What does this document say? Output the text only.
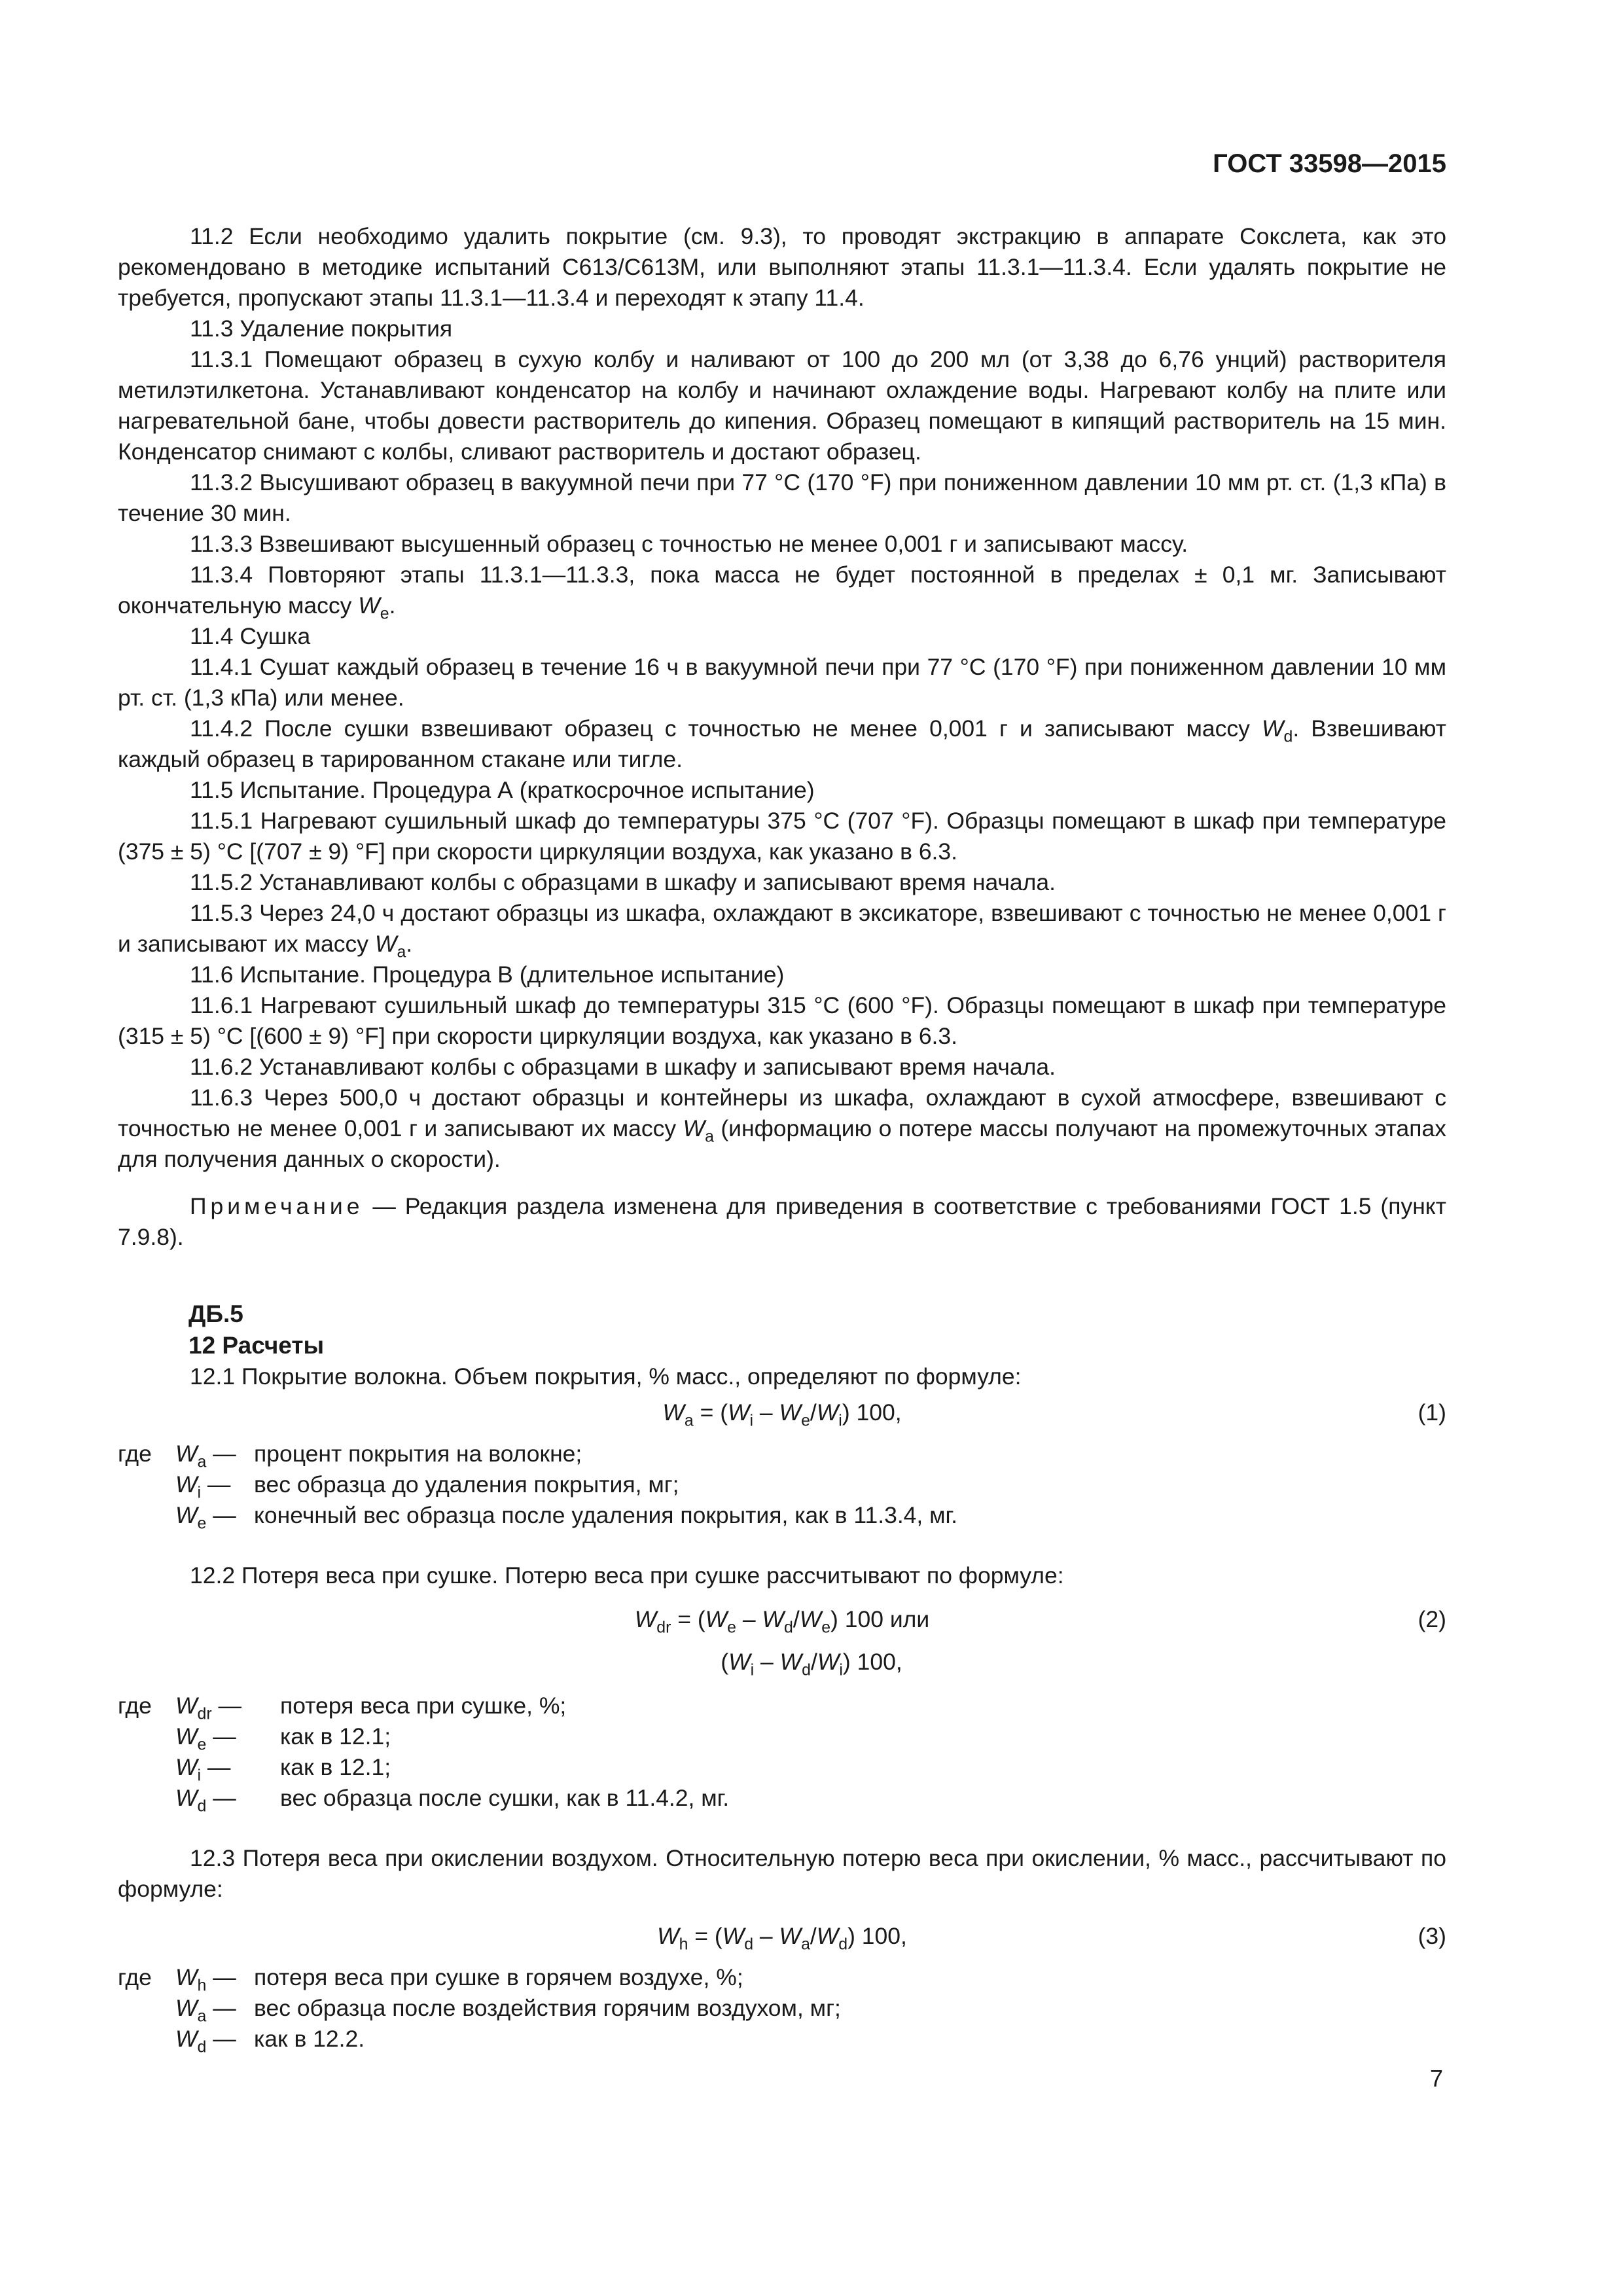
ГОСТ 33598—2015

11.2 Если необходимо удалить покрытие (см. 9.3), то проводят экстракцию в аппарате Сокслета, как это рекомендовано в методике испытаний С613/С613М, или выполняют этапы 11.3.1—11.3.4. Если удалять покрытие не требуется, пропускают этапы 11.3.1—11.3.4 и переходят к этапу 11.4.

11.3 Удаление покрытия

11.3.1 Помещают образец в сухую колбу и наливают от 100 до 200 мл (от 3,38 до 6,76 унций) растворителя метилэтилкетона. Устанавливают конденсатор на колбу и начинают охлаждение воды. Нагревают колбу на плите или нагревательной бане, чтобы довести растворитель до кипения. Образец помещают в кипящий растворитель на 15 мин. Конденсатор снимают с колбы, сливают растворитель и достают образец.

11.3.2 Высушивают образец в вакуумной печи при 77 °С (170 °F) при пониженном давлении 10 мм рт. ст. (1,3 кПа) в течение 30 мин.

11.3.3 Взвешивают высушенный образец с точностью не менее 0,001 г и записывают массу.

11.3.4 Повторяют этапы 11.3.1—11.3.3, пока масса не будет постоянной в пределах ± 0,1 мг. Записывают окончательную массу $W_e$.

11.4 Сушка

11.4.1 Сушат каждый образец в течение 16 ч в вакуумной печи при 77 °С (170 °F) при пониженном давлении 10 мм рт. ст. (1,3 кПа) или менее.

11.4.2 После сушки взвешивают образец с точностью не менее 0,001 г и записывают массу $W_d$. Взвешивают каждый образец в тарированном стакане или тигле.

11.5 Испытание. Процедура А (краткосрочное испытание)

11.5.1 Нагревают сушильный шкаф до температуры 375 °С (707 °F). Образцы помещают в шкаф при температуре (375 ± 5) °С [(707 ± 9) °F] при скорости циркуляции воздуха, как указано в 6.3.

11.5.2 Устанавливают колбы с образцами в шкафу и записывают время начала.

11.5.3 Через 24,0 ч достают образцы из шкафа, охлаждают в эксикаторе, взвешивают с точностью не менее 0,001 г и записывают их массу $W_a$.

11.6 Испытание. Процедура В (длительное испытание)

11.6.1 Нагревают сушильный шкаф до температуры 315 °С (600 °F). Образцы помещают в шкаф при температуре (315 ± 5) °С [(600 ± 9) °F] при скорости циркуляции воздуха, как указано в 6.3.

11.6.2 Устанавливают колбы с образцами в шкафу и записывают время начала.

11.6.3 Через 500,0 ч достают образцы и контейнеры из шкафа, охлаждают в сухой атмосфере, взвешивают с точностью не менее 0,001 г и записывают их массу $W_a$ (информацию о потере массы получают на промежуточных этапах для получения данных о скорости).

Примечание — Редакция раздела изменена для приведения в соответствие с требованиями ГОСТ 1.5 (пункт 7.9.8).

ДБ.5

12 Расчеты

12.1 Покрытие волокна. Объем покрытия, % масс., определяют по формуле:

$W_a = (W_i - W_e/W_i)$ 100,	(1)
где	$W_a$ — процент покрытия на волокне;
$W_i$ —	вес образца до удаления покрытия, мг;
$W_e$ — конечный вес образца после удаления покрытия, как в 11.3.4, мг.

12.2 Потеря веса при сушке. Потерю веса при сушке рассчитывают по формуле:

$W_{dr} = (W_e - W_d/W_e)$ 100 или	(2)
$(W_i - W_d/W_i)$ 100,
где	$W_{dr}$ —	потеря веса при сушке, %;
$W_e$ —	как в 12.1;
$W_i$ —	как в 12.1;
$W_d$ —	вес образца после сушки, как в 11.4.2, мг.

12.3 Потеря веса при окислении воздухом. Относительную потерю веса при окислении, % масс., рассчитывают по формуле:

$W_h = (W_d - W_a/W_d)$ 100,	(3)
где	$W_h$ — потеря веса при сушке в горячем воздухе, %;
$W_a$ — вес образца после воздействия горячим воздухом, мг;
$W_d$ — как в 12.2.
7
